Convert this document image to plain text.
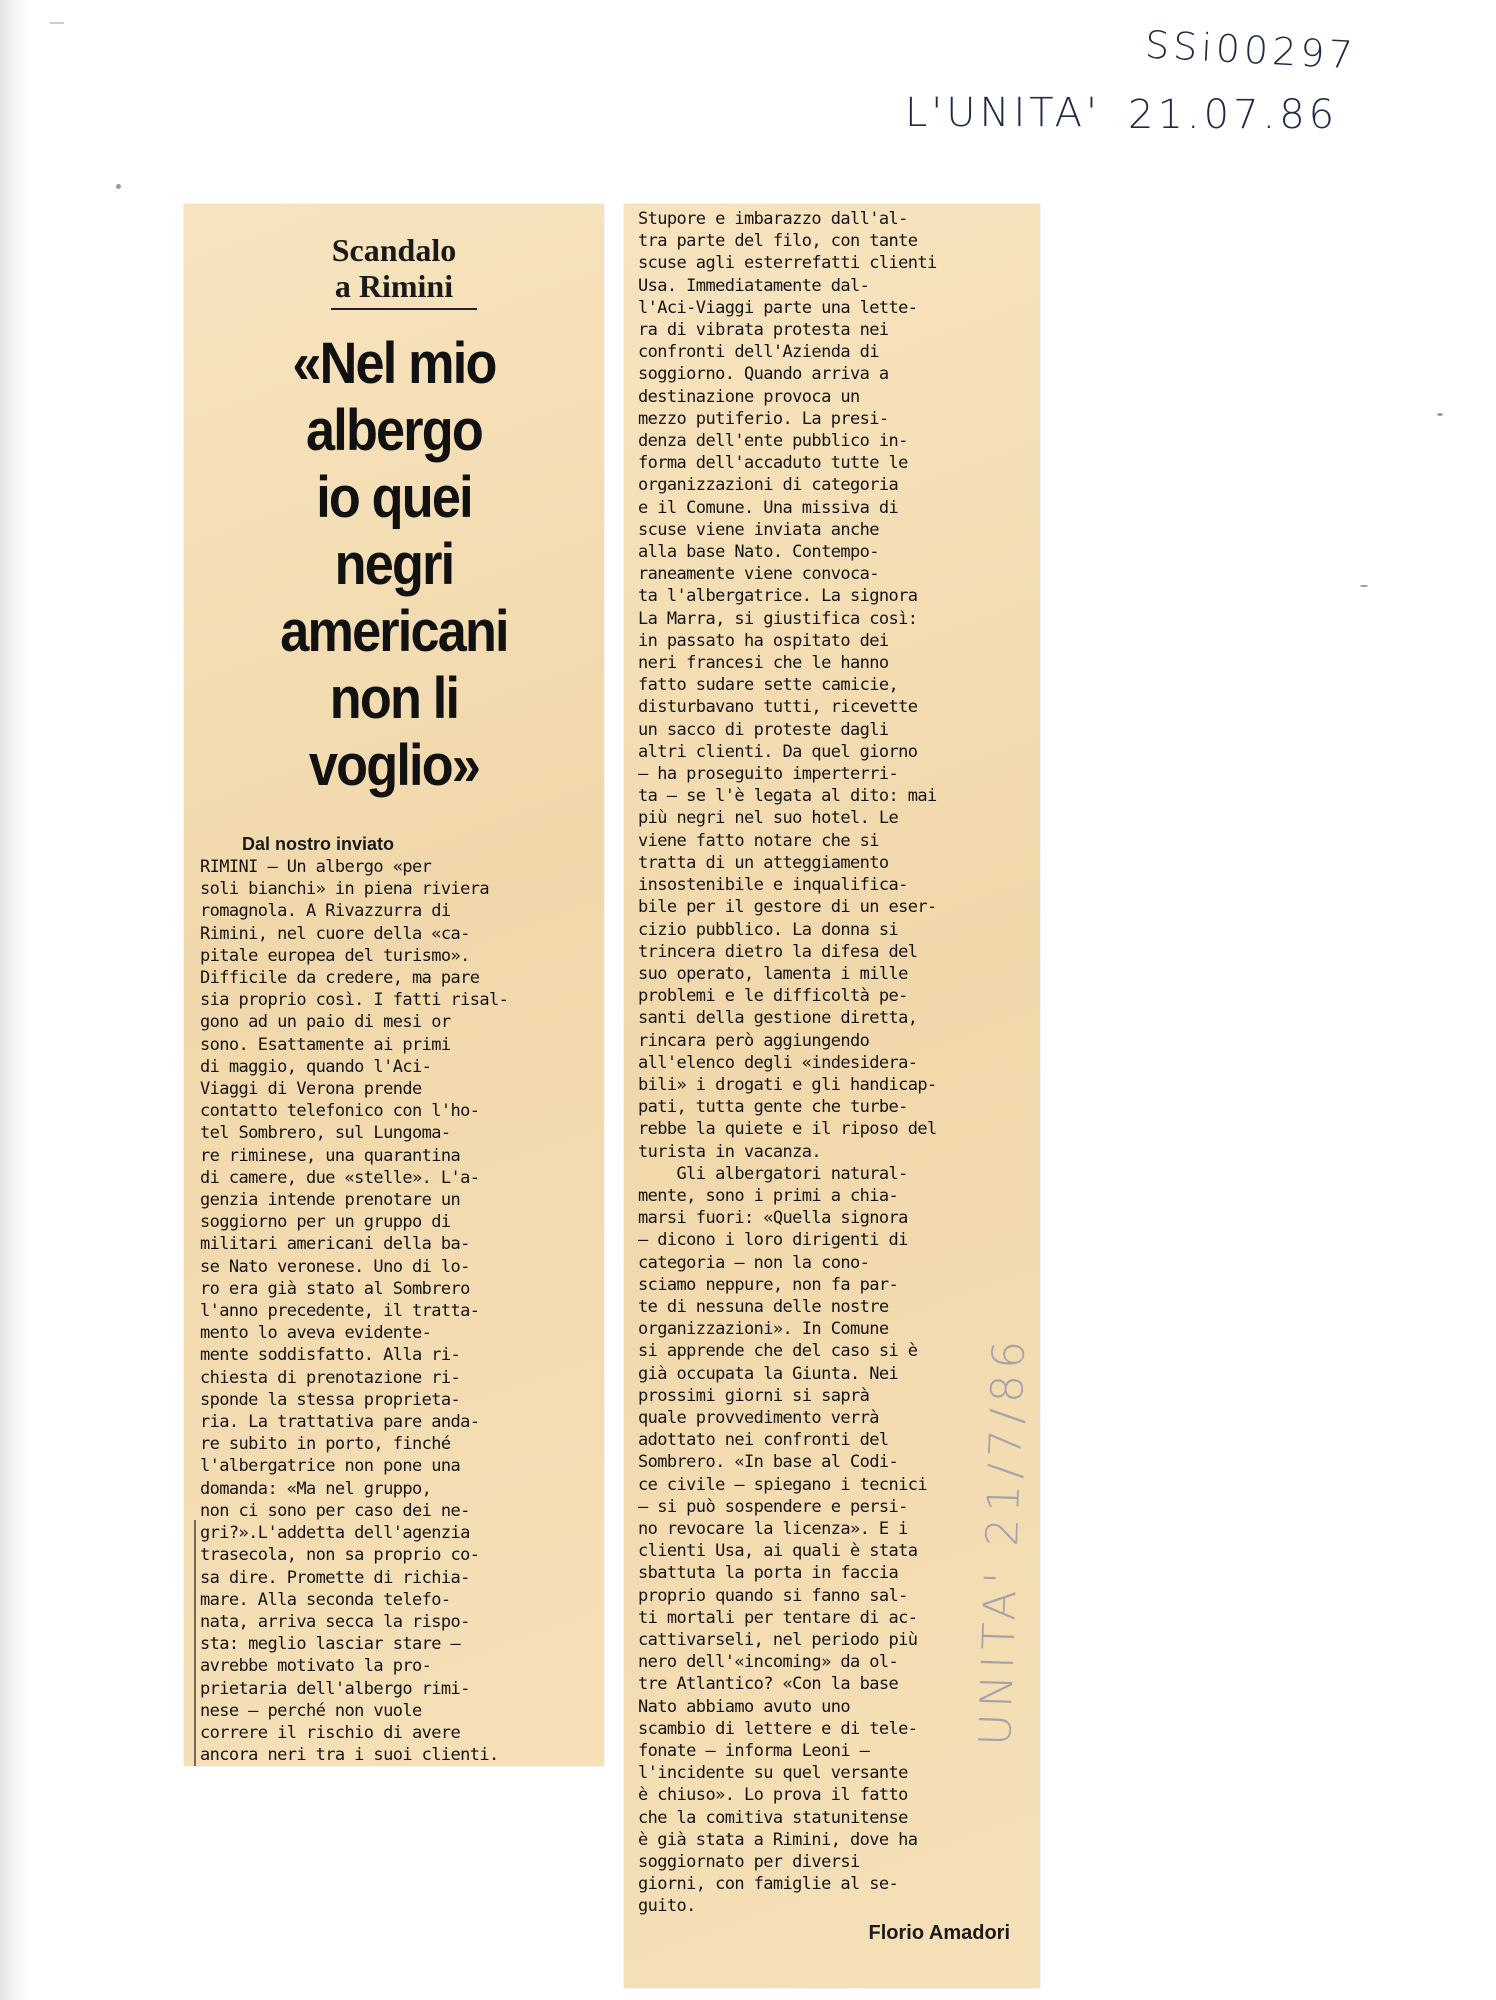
SSi00297
L'UNITA' 21.07.86
Scandalo
a Rimini
«Nel mio
albergo
io quei
negri
americani
non li
voglio»
Dal nostro inviato
RIMINI — Un albergo «per
soli bianchi» in piena riviera
romagnola. A Rivazzurra di
Rimini, nel cuore della «ca-
pitale europea del turismo».
Difficile da credere, ma pare
sia proprio così. I fatti risal-
gono ad un paio di mesi or
sono. Esattamente ai primi
di maggio, quando l'Aci-
Viaggi di Verona prende
contatto telefonico con l'ho-
tel Sombrero, sul Lungoma-
re riminese, una quarantina
di camere, due «stelle». L'a-
genzia intende prenotare un
soggiorno per un gruppo di
militari americani della ba-
se Nato veronese. Uno di lo-
ro era già stato al Sombrero
l'anno precedente, il tratta-
mento lo aveva evidente-
mente soddisfatto. Alla ri-
chiesta di prenotazione ri-
sponde la stessa proprieta-
ria. La trattativa pare anda-
re subito in porto, finché
l'albergatrice non pone una
domanda: «Ma nel gruppo,
non ci sono per caso dei ne-
gri?».L'addetta dell'agenzia
trasecola, non sa proprio co-
sa dire. Promette di richia-
mare. Alla seconda telefo-
nata, arriva secca la rispo-
sta: meglio lasciar stare —
avrebbe motivato la pro-
prietaria dell'albergo rimi-
nese — perché non vuole
correre il rischio di avere
ancora neri tra i suoi clienti.
Stupore e imbarazzo dall'al-
tra parte del filo, con tante
scuse agli esterrefatti clienti
Usa. Immediatamente dal-
l'Aci-Viaggi parte una lette-
ra di vibrata protesta nei
confronti dell'Azienda di
soggiorno. Quando arriva a
destinazione provoca un
mezzo putiferio. La presi-
denza dell'ente pubblico in-
forma dell'accaduto tutte le
organizzazioni di categoria
e il Comune. Una missiva di
scuse viene inviata anche
alla base Nato. Contempo-
raneamente viene convoca-
ta l'albergatrice. La signora
La Marra, si giustifica così:
in passato ha ospitato dei
neri francesi che le hanno
fatto sudare sette camicie,
disturbavano tutti, ricevette
un sacco di proteste dagli
altri clienti. Da quel giorno
— ha proseguito imperterri-
ta — se l'è legata al dito: mai
più negri nel suo hotel. Le
viene fatto notare che si
tratta di un atteggiamento
insostenibile e inqualifica-
bile per il gestore di un eser-
cizio pubblico. La donna si
trincera dietro la difesa del
suo operato, lamenta i mille
problemi e le difficoltà pe-
santi della gestione diretta,
rincara però aggiungendo
all'elenco degli «indesidera-
bili» i drogati e gli handicap-
pati, tutta gente che turbe-
rebbe la quiete e il riposo del
turista in vacanza.
Gli albergatori natural-
mente, sono i primi a chia-
marsi fuori: «Quella signora
— dicono i loro dirigenti di
categoria — non la cono-
sciamo neppure, non fa par-
te di nessuna delle nostre
organizzazioni». In Comune
si apprende che del caso si è
già occupata la Giunta. Nei
prossimi giorni si saprà
quale provvedimento verrà
adottato nei confronti del
Sombrero. «In base al Codi-
ce civile — spiegano i tecnici
— si può sospendere e persi-
no revocare la licenza». E i
clienti Usa, ai quali è stata
sbattuta la porta in faccia
proprio quando si fanno sal-
ti mortali per tentare di ac-
cattivarseli, nel periodo più
nero dell'«incoming» da ol-
tre Atlantico? «Con la base
Nato abbiamo avuto uno
scambio di lettere e di tele-
fonate — informa Leoni —
l'incidente su quel versante
è chiuso». Lo prova il fatto
che la comitiva statunitense
è già stata a Rimini, dove ha
soggiornato per diversi
giorni, con famiglie al se-
guito.
Florio Amadori
UNITA' 21/7/86
